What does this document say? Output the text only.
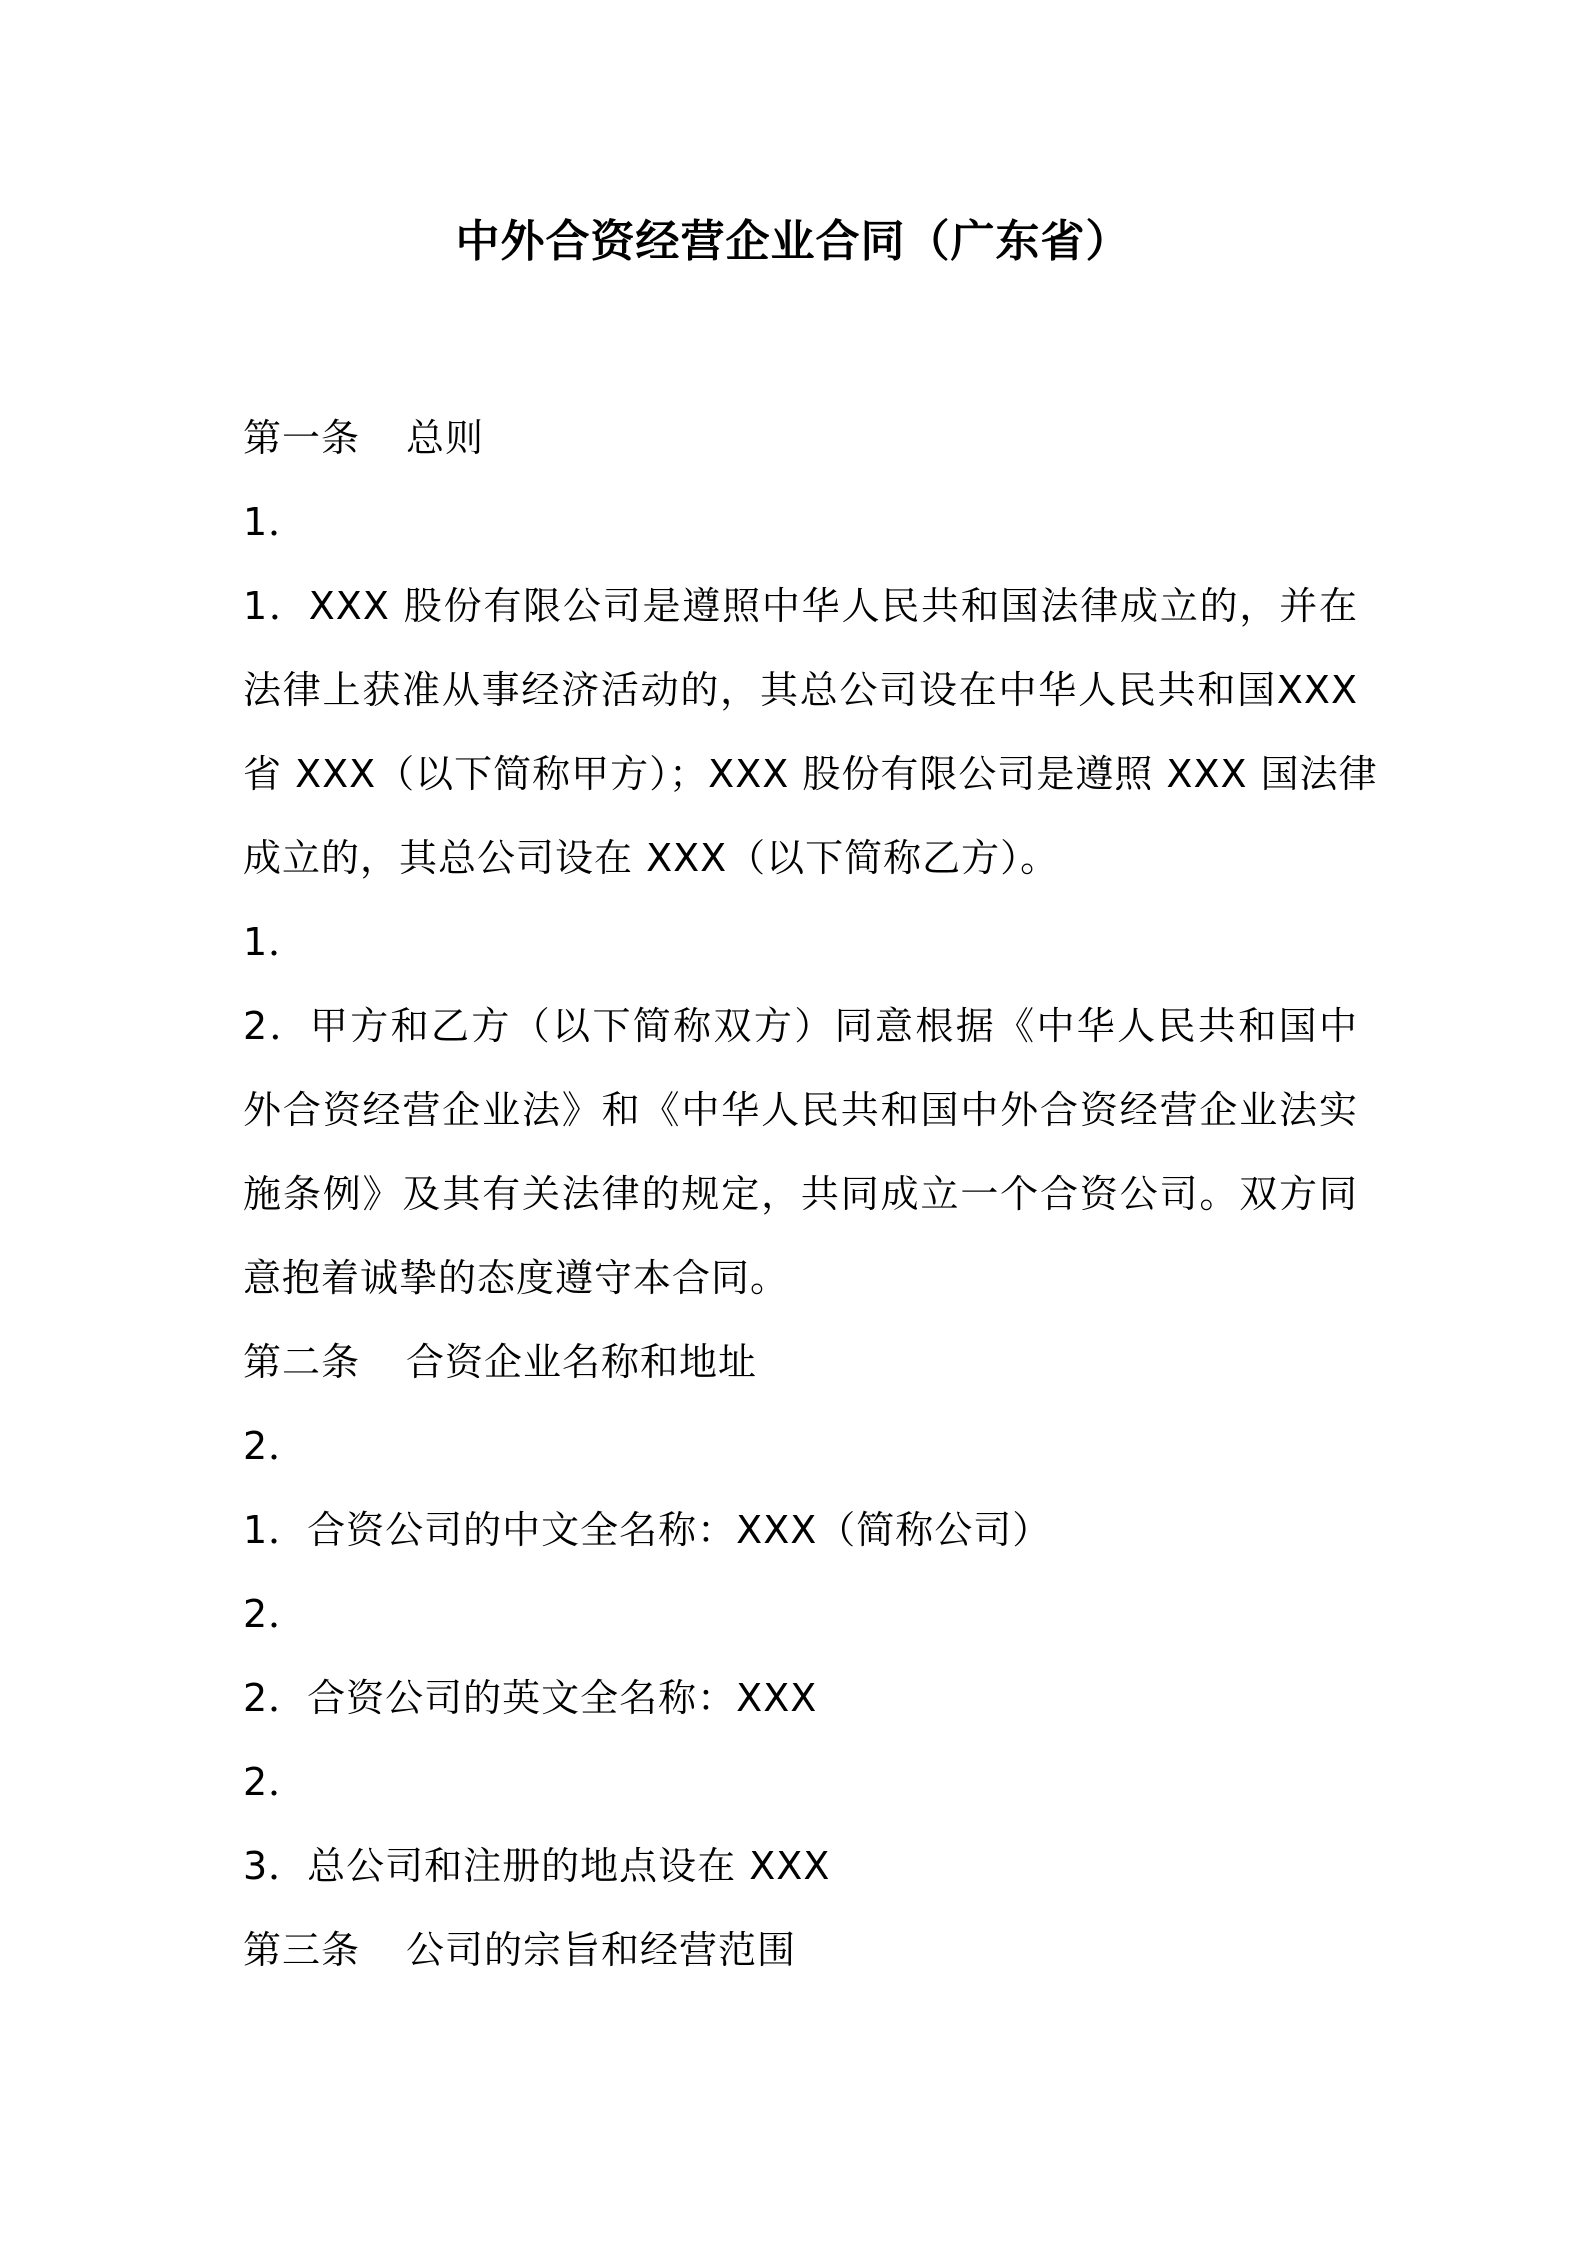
中外合资经营企业合同（广东省）
第一条 总则
1．
1．XXX 股份有限公司是遵照中华人民共和国法律成立的，并在
法律上获准从事经济活动的，其总公司设在中华人民共和国XXX
省 XXX（以下简称甲方）；XXX 股份有限公司是遵照 XXX 国法律
成立的，其总公司设在 XXX（以下简称乙方）。
1．
2．甲方和乙方（以下简称双方）同意根据《中华人民共和国中
外合资经营企业法》和《中华人民共和国中外合资经营企业法实
施条例》及其有关法律的规定，共同成立一个合资公司。双方同
意抱着诚挚的态度遵守本合同。
第二条 合资企业名称和地址
2．
1．合资公司的中文全名称：XXX（简称公司）
2．
2．合资公司的英文全名称：XXX
2．
3．总公司和注册的地点设在 XXX
第三条 公司的宗旨和经营范围
